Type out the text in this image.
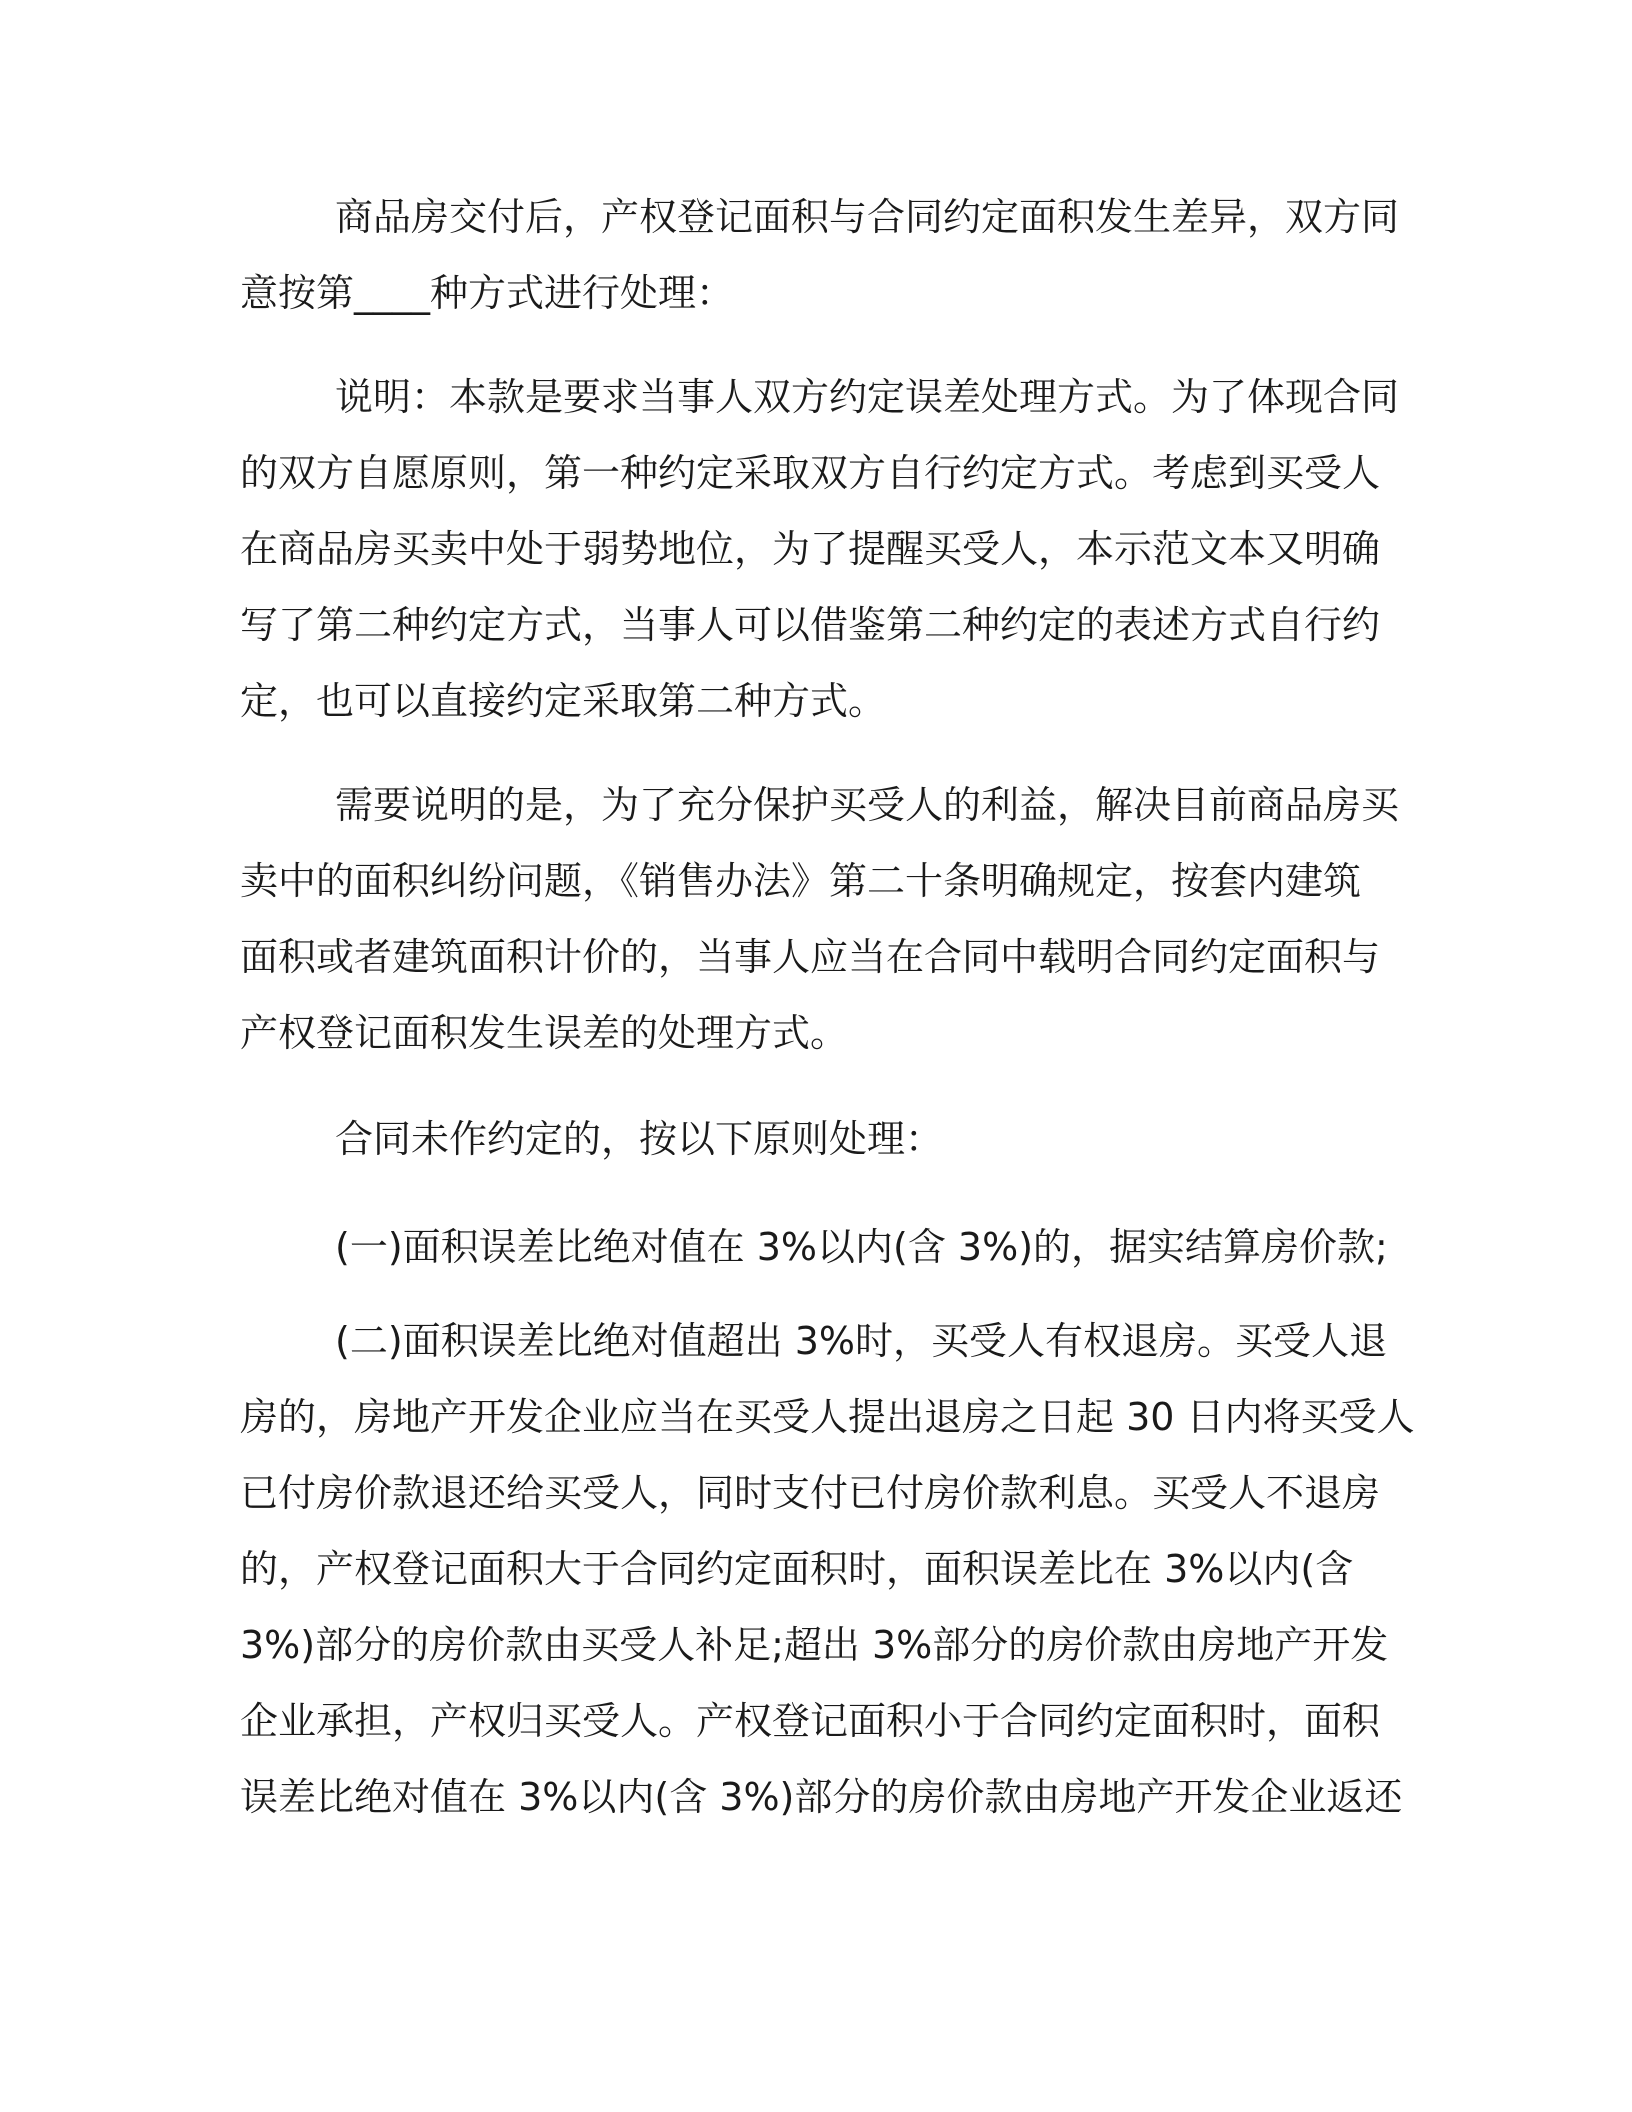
商品房交付后，产权登记面积与合同约定面积发生差异，双方同
意按第____种方式进行处理：
说明：本款是要求当事人双方约定误差处理方式。为了体现合同
的双方自愿原则，第一种约定采取双方自行约定方式。考虑到买受人
在商品房买卖中处于弱势地位，为了提醒买受人，本示范文本又明确
写了第二种约定方式，当事人可以借鉴第二种约定的表述方式自行约
定，也可以直接约定采取第二种方式。
需要说明的是，为了充分保护买受人的利益，解决目前商品房买
卖中的面积纠纷问题，《销售办法》第二十条明确规定，按套内建筑
面积或者建筑面积计价的，当事人应当在合同中载明合同约定面积与
产权登记面积发生误差的处理方式。
合同未作约定的，按以下原则处理：
(一)面积误差比绝对值在 3%以内(含 3%)的，据实结算房价款;
(二)面积误差比绝对值超出 3%时，买受人有权退房。买受人退
房的，房地产开发企业应当在买受人提出退房之日起 30 日内将买受人
已付房价款退还给买受人，同时支付已付房价款利息。买受人不退房
的，产权登记面积大于合同约定面积时，面积误差比在 3%以内(含
3%)部分的房价款由买受人补足;超出 3%部分的房价款由房地产开发
企业承担，产权归买受人。产权登记面积小于合同约定面积时，面积
误差比绝对值在 3%以内(含 3%)部分的房价款由房地产开发企业返还
